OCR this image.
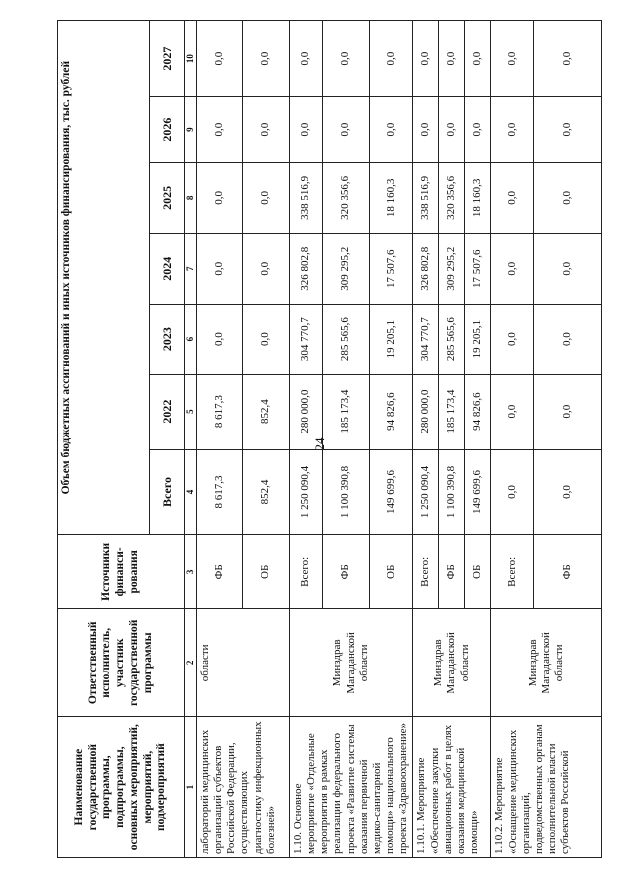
24
Наименование государственной программы, подпрограммы, основных мероприятий, мероприятий, подмероприятий	Ответственный исполнитель, участник государственной программы	Источники финанси-рования	Объем бюджетных ассигнований и иных источников финансирования, тыс. рублей						
			Всего	2022	2023	2024	2025	2026	2027
1	2	3	4	5	6	7	8	9	10
лабораторий медицинских организаций субъектов Российской Федерации, осуществляющих диагностику инфекционных болезней»	области	ФБ	8 617,3	8 617,3	0,0	0,0	0,0	0,0	0,0
		ОБ	852,4	852,4	0,0	0,0	0,0	0,0	0,0
1.10. Основное мероприятие «Отдельные мероприятия в рамках реализации федерального проекта «Развитие системы оказания первичной медико-санитарной помощи» национального проекта «Здравоохранение»	Минздрав Магаданской области	Всего:	1 250 090,4	280 000,0	304 770,7	326 802,8	338 516,9	0,0	0,0
		ФБ	1 100 390,8	185 173,4	285 565,6	309 295,2	320 356,6	0,0	0,0
		ОБ	149 699,6	94 826,6	19 205,1	17 507,6	18 160,3	0,0	0,0
1.10.1. Мероприятие «Обеспечение закупки авиационных работ в целях оказания медицинской помощи»	Минздрав Магаданской области	Всего:	1 250 090,4	280 000,0	304 770,7	326 802,8	338 516,9	0,0	0,0
		ФБ	1 100 390,8	185 173,4	285 565,6	309 295,2	320 356,6	0,0	0,0
		ОБ	149 699,6	94 826,6	19 205,1	17 507,6	18 160,3	0,0	0,0
1.10.2. Мероприятие «Оснащение медицинских организаций, подведомственных органам исполнительной власти субъектов Российской	Минздрав Магаданской области	Всего:	0,0	0,0	0,0	0,0	0,0	0,0	0,0
		ФБ	0,0	0,0	0,0	0,0	0,0	0,0	0,0
